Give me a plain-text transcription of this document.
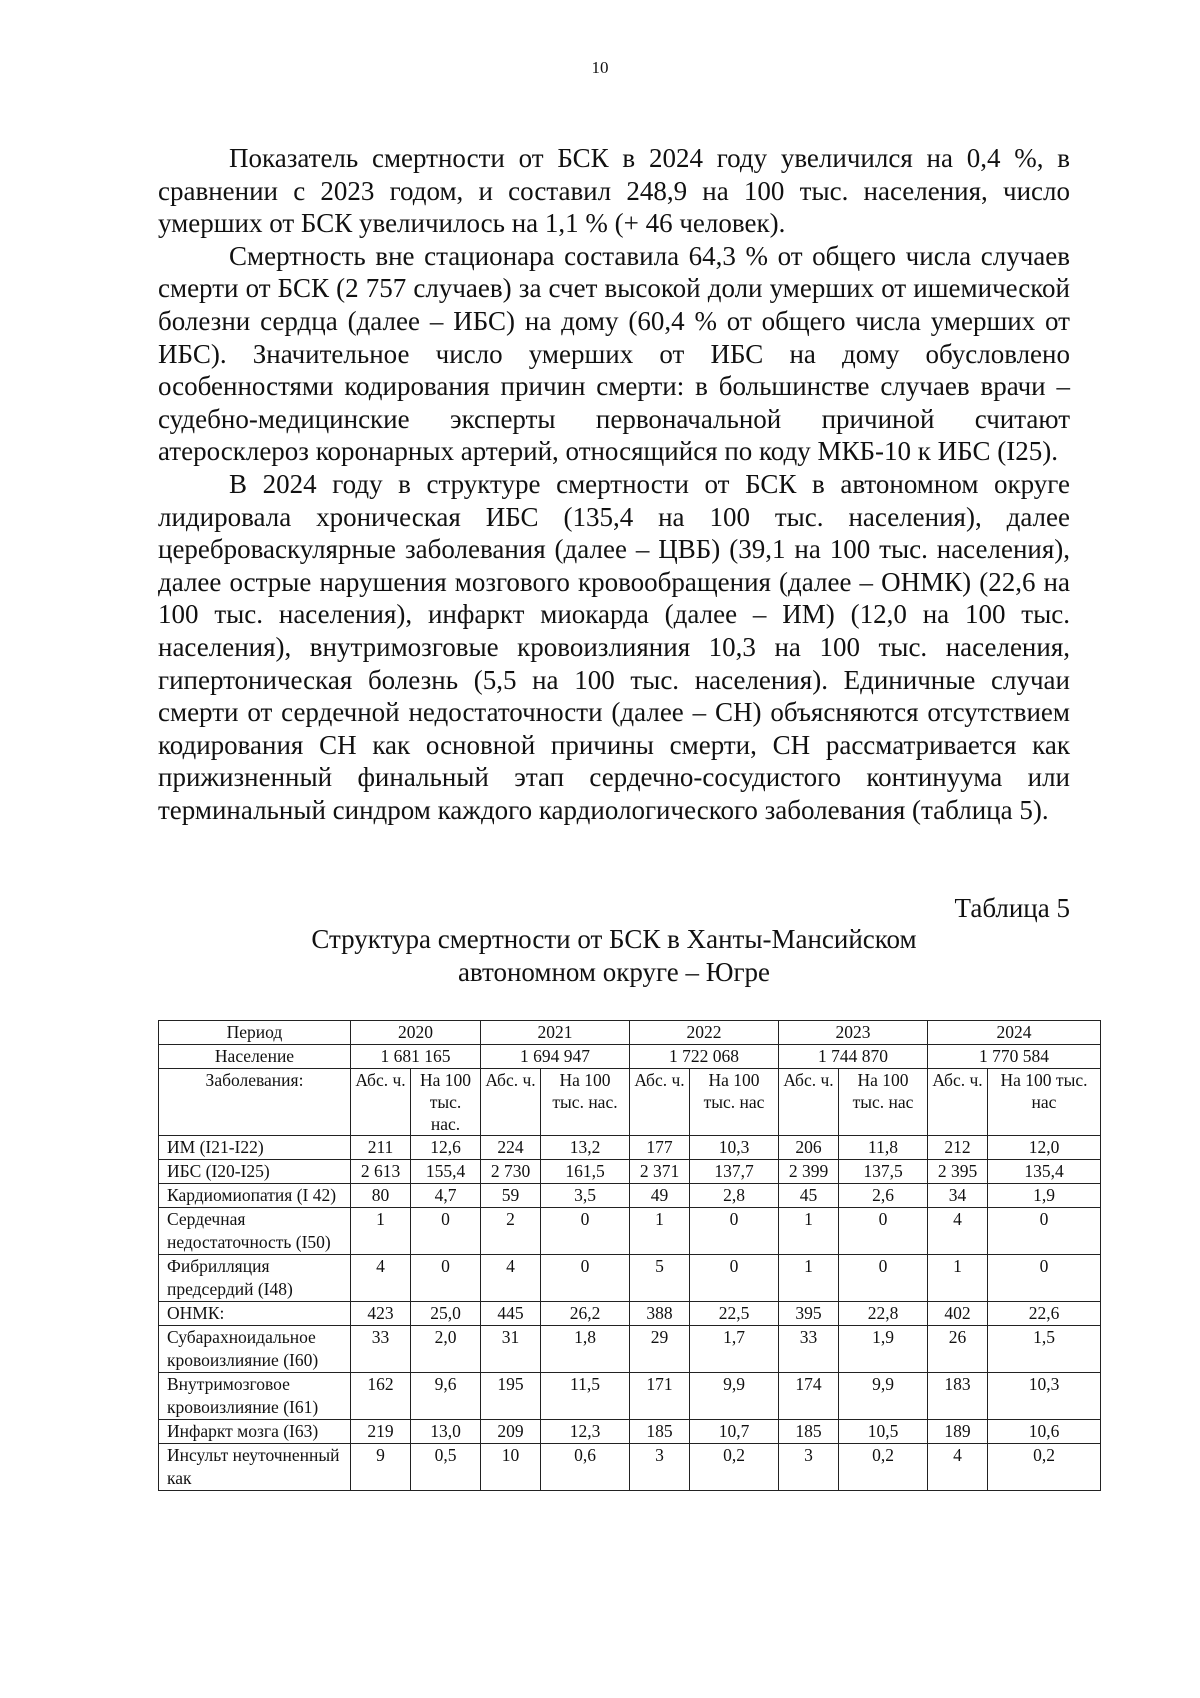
10

Показатель смертности от БСК в 2024 году увеличился на 0,4 %, в сравнении с 2023 годом, и составил 248,9 на 100 тыс. населения, число умерших от БСК увеличилось на 1,1 % (+ 46 человек).

Смертность вне стационара составила 64,3 % от общего числа случаев смерти от БСК (2 757 случаев) за счет высокой доли умерших от ишемической болезни сердца (далее – ИБС) на дому (60,4 % от общего числа умерших от ИБС). Значительное число умерших от ИБС на дому обусловлено особенностями кодирования причин смерти: в большинстве случаев врачи – судебно-медицинские эксперты первоначальной причиной считают атеросклероз коронарных артерий, относящийся по коду МКБ-10 к ИБС (I25).

В 2024 году в структуре смертности от БСК в автономном округе лидировала хроническая ИБС (135,4 на 100 тыс. населения), далее цереброваскулярные заболевания (далее – ЦВБ) (39,1 на 100 тыс. населения), далее острые нарушения мозгового кровообращения (далее – ОНМК) (22,6 на 100 тыс. населения), инфаркт миокарда (далее – ИМ) (12,0 на 100 тыс. населения), внутримозговые кровоизлияния 10,3 на 100 тыс. населения, гипертоническая болезнь (5,5 на 100 тыс. населения). Единичные случаи смерти от сердечной недостаточности (далее – СН) объясняются отсутствием кодирования СН как основной причины смерти, СН рассматривается как прижизненный финальный этап сердечно-сосудистого континуума или терминальный синдром каждого кардиологического заболевания (таблица 5).

Таблица 5
Структура смертности от БСК в Ханты-Мансийском автономном округе – Югре
Период	2020		2021		2022		2023		2024	
Население	1 681 165		1 694 947		1 722 068		1 744 870		1 770 584	
Заболевания:	Абс. ч.	На 100 тыс. нас.	Абс. ч.	На 100 тыс. нас.	Абс. ч.	На 100 тыс. нас	Абс. ч.	На 100 тыс. нас	Абс. ч.	На 100 тыс. нас
ИМ (I21-I22)	211	12,6	224	13,2	177	10,3	206	11,8	212	12,0
ИБС (I20-I25)	2 613	155,4	2 730	161,5	2 371	137,7	2 399	137,5	2 395	135,4
Кардиомиопатия (I 42)	80	4,7	59	3,5	49	2,8	45	2,6	34	1,9
Сердечная недостаточность (I50)	1	0	2	0	1	0	1	0	4	0
Фибрилляция предсердий (I48)	4	0	4	0	5	0	1	0	1	0
ОНМК:	423	25,0	445	26,2	388	22,5	395	22,8	402	22,6
Субарахноидальное кровоизлияние (I60)	33	2,0	31	1,8	29	1,7	33	1,9	26	1,5
Внутримозговое кровоизлияние (I61)	162	9,6	195	11,5	171	9,9	174	9,9	183	10,3
Инфаркт мозга (I63)	219	13,0	209	12,3	185	10,7	185	10,5	189	10,6
Инсульт неуточненный как	9	0,5	10	0,6	3	0,2	3	0,2	4	0,2
